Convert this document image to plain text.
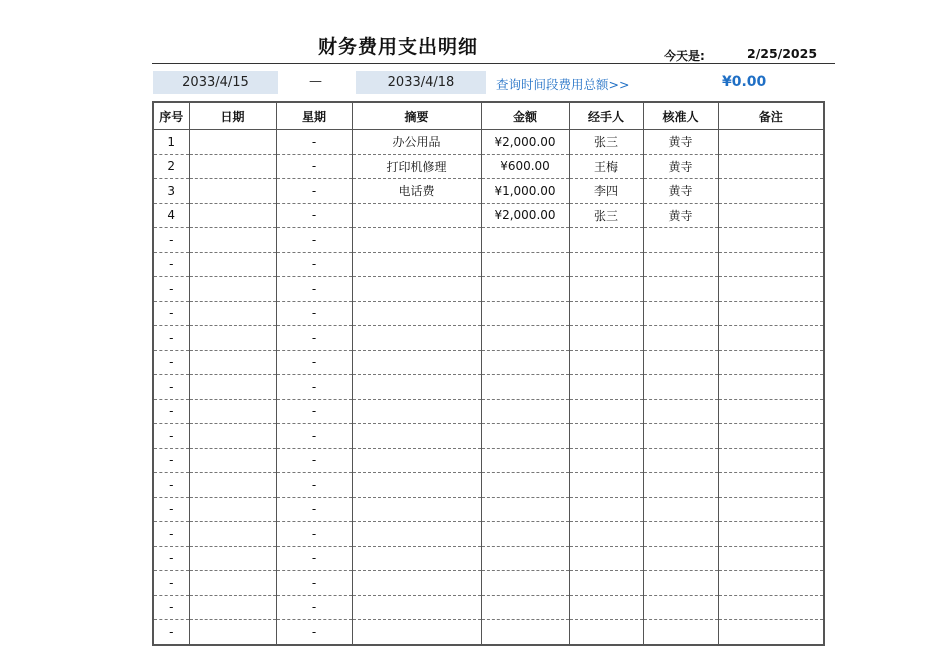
财务费用支出明细	今天是:	2/25/2025
2033/4/15	—	2033/4/18	查询时间段费用总额>>	¥0.00
序号	日期	星期	摘要	金额	经手人	核准人	备注
1		-	办公用品	¥2,000.00	张三	黄寺	
2		-	打印机修理	¥600.00	王梅	黄寺	
3		-	电话费	¥1,000.00	李四	黄寺	
4		-		¥2,000.00	张三	黄寺	
-		-					
-		-					
-		-					
-		-					
-		-					
-		-					
-		-					
-		-					
-		-					
-		-					
-		-					
-		-					
-		-					
-		-					
-		-					
-		-					
-		-					
